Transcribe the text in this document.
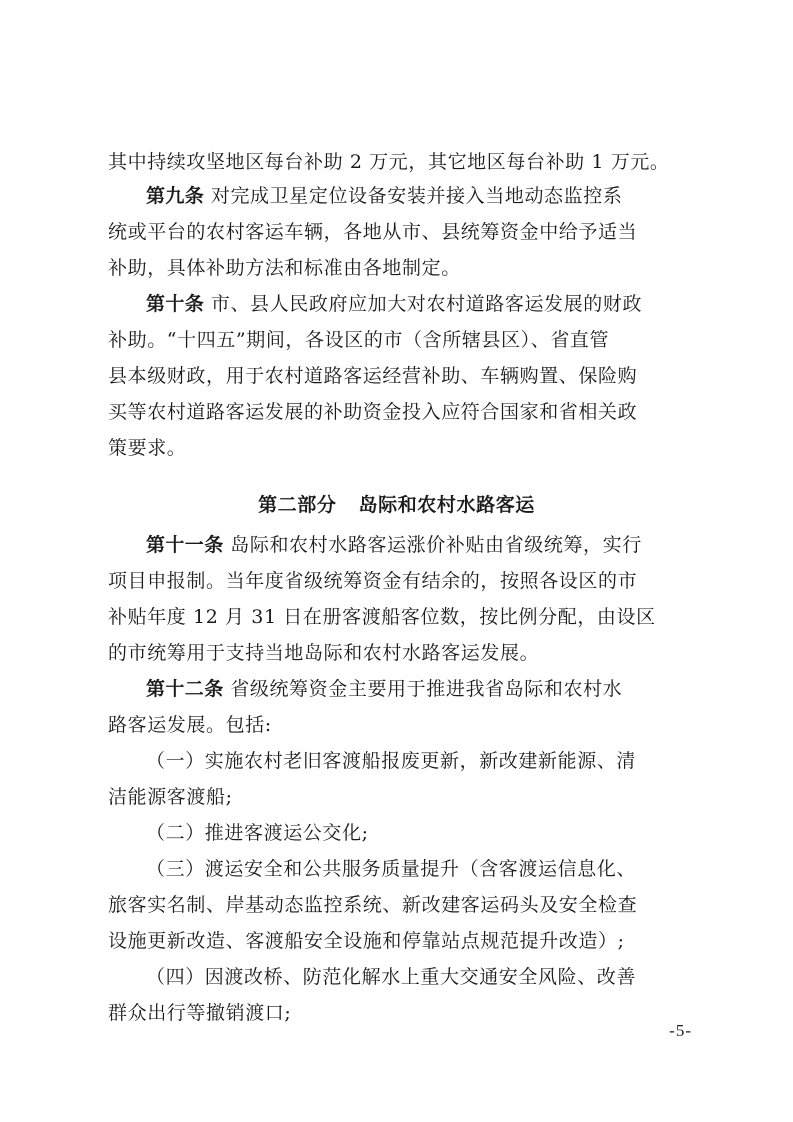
其中持续攻坚地区每台补助 2 万元，其它地区每台补助 1 万元。
第九条 对完成卫星定位设备安装并接入当地动态监控系
统或平台的农村客运车辆，各地从市、县统筹资金中给予适当
补助，具体补助方法和标准由各地制定。
第十条 市、县人民政府应加大对农村道路客运发展的财政
补助。“十四五”期间，各设区的市（含所辖县区）、省直管
县本级财政，用于农村道路客运经营补助、车辆购置、保险购
买等农村道路客运发展的补助资金投入应符合国家和省相关政
策要求。
第二部分 岛际和农村水路客运
第十一条 岛际和农村水路客运涨价补贴由省级统筹，实行
项目申报制。当年度省级统筹资金有结余的，按照各设区的市
补贴年度 12 月 31 日在册客渡船客位数，按比例分配，由设区
的市统筹用于支持当地岛际和农村水路客运发展。
第十二条 省级统筹资金主要用于推进我省岛际和农村水
路客运发展。包括:
（一）实施农村老旧客渡船报废更新，新改建新能源、清
洁能源客渡船;
（二）推进客渡运公交化;
（三）渡运安全和公共服务质量提升（含客渡运信息化、
旅客实名制、岸基动态监控系统、新改建客运码头及安全检查
设施更新改造、客渡船安全设施和停靠站点规范提升改造）;
（四）因渡改桥、防范化解水上重大交通安全风险、改善
群众出行等撤销渡口;
-5-
